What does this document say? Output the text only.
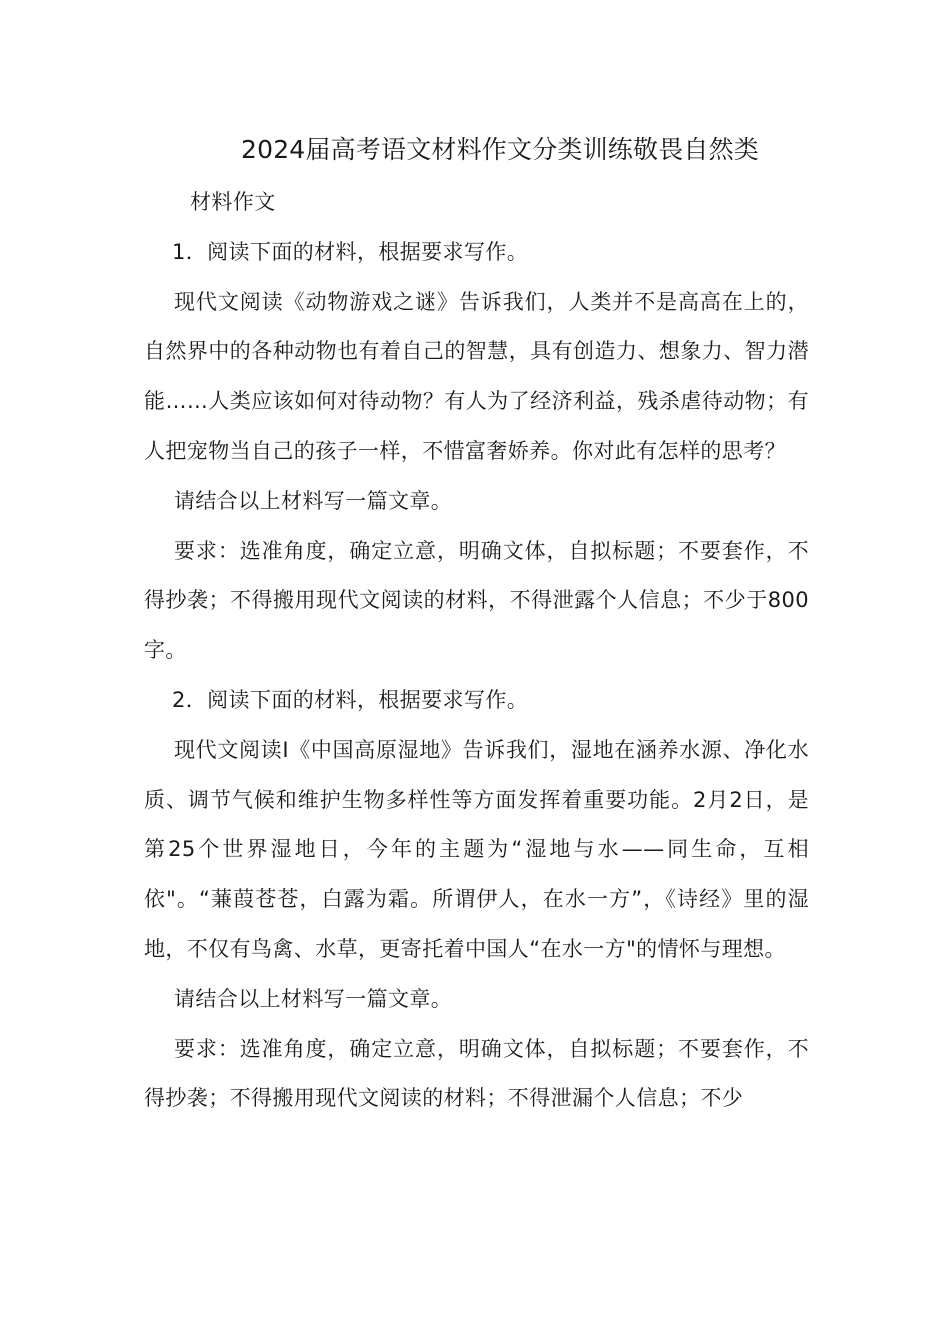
2024届高考语文材料作文分类训练敬畏自然类

材料作文

1．阅读下面的材料，根据要求写作。

现代文阅读《动物游戏之谜》告诉我们，人类并不是高高在上的，自然界中的各种动物也有着自己的智慧，具有创造力、想象力、智力潜能……人类应该如何对待动物？有人为了经济利益，残杀虐待动物；有人把宠物当自己的孩子一样，不惜富奢娇养。你对此有怎样的思考？

请结合以上材料写一篇文章。

要求：选准角度，确定立意，明确文体，自拟标题；不要套作，不得抄袭；不得搬用现代文阅读的材料，不得泄露个人信息；不少于800字。

2．阅读下面的材料，根据要求写作。

现代文阅读Ⅰ《中国高原湿地》告诉我们，湿地在涵养水源、净化水质、调节气候和维护生物多样性等方面发挥着重要功能。2月2日，是第25个世界湿地日，今年的主题为“湿地与水——同生命，互相依"。“蒹葭苍苍，白露为霜。所谓伊人，在水一方”，《诗经》里的湿地，不仅有鸟禽、水草，更寄托着中国人“在水一方"的情怀与理想。

请结合以上材料写一篇文章。

要求：选准角度，确定立意，明确文体，自拟标题；不要套作，不得抄袭；不得搬用现代文阅读的材料；不得泄漏个人信息；不少
